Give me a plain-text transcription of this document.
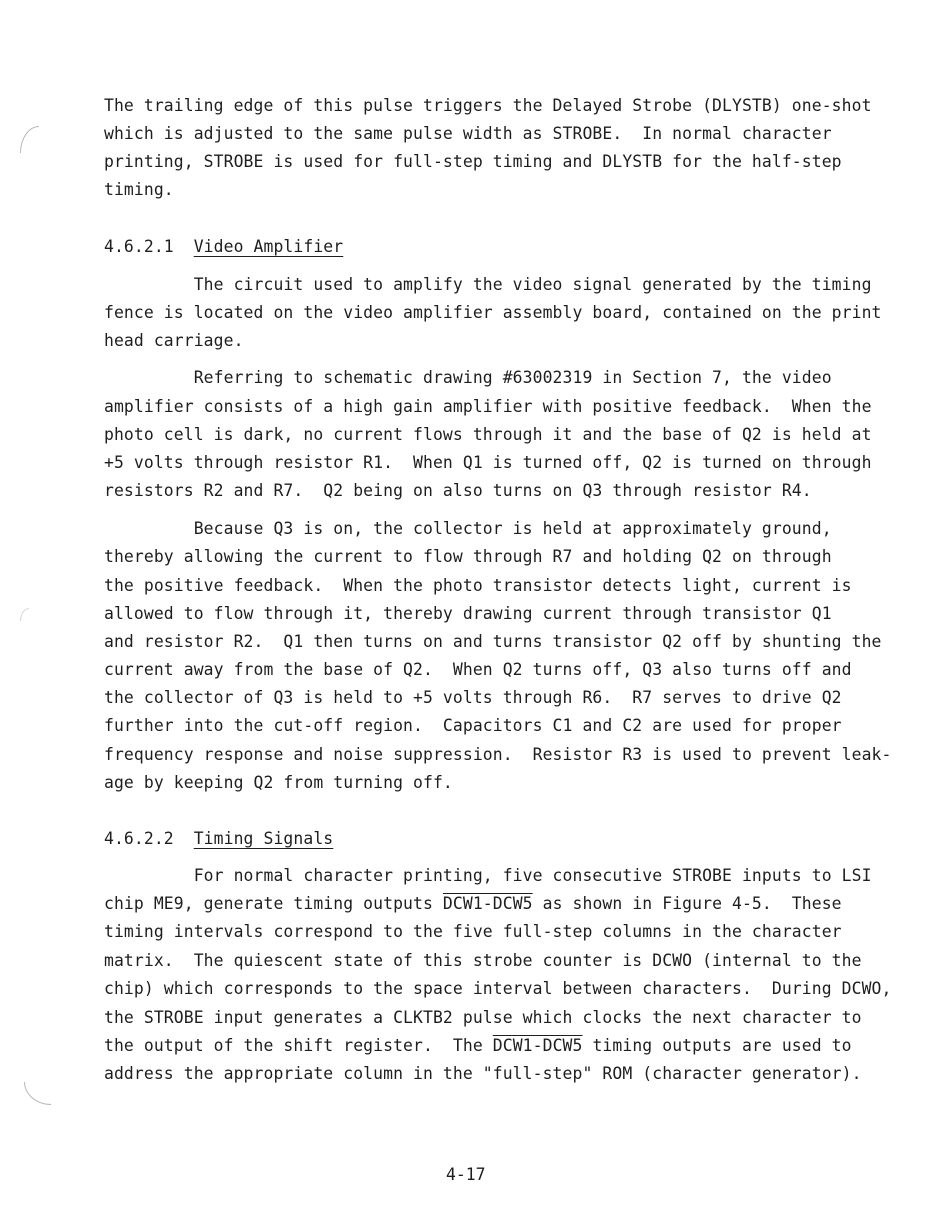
The trailing edge of this pulse triggers the Delayed Strobe (DLYSTB) one-shot

which is adjusted to the same pulse width as STROBE.  In normal character

printing, STROBE is used for full-step timing and DLYSTB for the half-step

timing.

4.6.2.1 Video Amplifier

The circuit used to amplify the video signal generated by the timing

fence is located on the video amplifier assembly board, contained on the print

head carriage.

Referring to schematic drawing #63002319 in Section 7, the video

amplifier consists of a high gain amplifier with positive feedback.  When the

photo cell is dark, no current flows through it and the base of Q2 is held at

+5 volts through resistor R1.  When Q1 is turned off, Q2 is turned on through

resistors R2 and R7.  Q2 being on also turns on Q3 through resistor R4.

Because Q3 is on, the collector is held at approximately ground,

thereby allowing the current to flow through R7 and holding Q2 on through

the positive feedback.  When the photo transistor detects light, current is

allowed to flow through it, thereby drawing current through transistor Q1

and resistor R2.  Q1 then turns on and turns transistor Q2 off by shunting the

current away from the base of Q2.  When Q2 turns off, Q3 also turns off and

the collector of Q3 is held to +5 volts through R6.  R7 serves to drive Q2

further into the cut-off region.  Capacitors C1 and C2 are used for proper

frequency response and noise suppression.  Resistor R3 is used to prevent leak-

age by keeping Q2 from turning off.

4.6.2.2 Timing Signals

For normal character printing, five consecutive STROBE inputs to LSI

chip ME9, generate timing outputs DCW1-DCW5 as shown in Figure 4-5.  These

timing intervals correspond to the five full-step columns in the character

matrix.  The quiescent state of this strobe counter is DCWO (internal to the

chip) which corresponds to the space interval between characters.  During DCWO,

the STROBE input generates a CLKTB2 pulse which clocks the next character to

the output of the shift register.  The DCW1-DCW5 timing outputs are used to

address the appropriate column in the "full-step" ROM (character generator).

4-17
